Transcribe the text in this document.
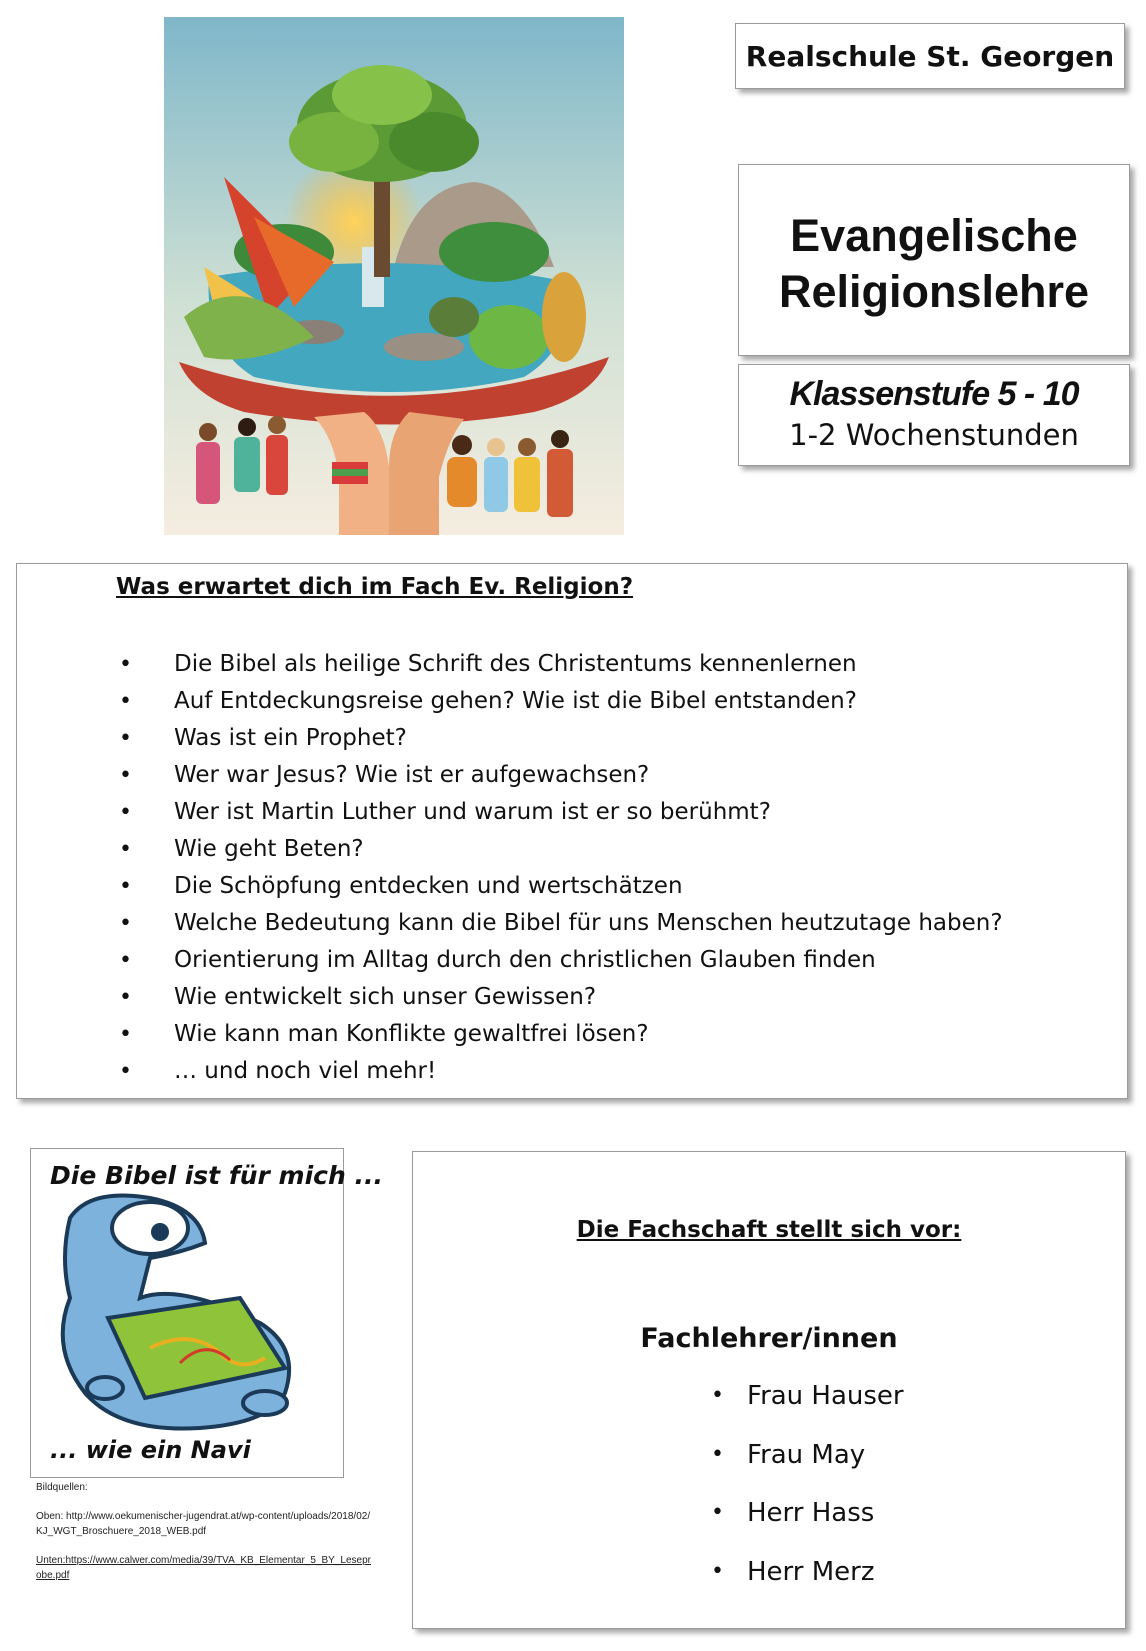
Realschule St. Georgen
Evangelische
Religionslehre
Klassenstufe 5 - 10
1-2 Wochenstunden
Was erwartet dich im Fach Ev. Religion?
• Die Bibel als heilige Schrift des Christentums kennenlernen
• Auf Entdeckungsreise gehen? Wie ist die Bibel entstanden?
• Was ist ein Prophet?
• Wer war Jesus? Wie ist er aufgewachsen?
• Wer ist Martin Luther und warum ist er so berühmt?
• Wie geht Beten?
• Die Schöpfung entdecken und wertschätzen
• Welche Bedeutung kann die Bibel für uns Menschen heutzutage haben?
• Orientierung im Alltag durch den christlichen Glauben finden
• Wie entwickelt sich unser Gewissen?
• Wie kann man Konflikte gewaltfrei lösen?
• … und noch viel mehr!
Die Bibel ist für mich ...
... wie ein Navi

Bildquellen:

Oben: http://www.oekumenischer-jugendrat.at/wp-content/uploads/2018/02/KJ_WGT_Broschuere_2018_WEB.pdf

Unten:https://www.calwer.com/media/39/TVA_KB_Elementar_5_BY_Leseprobe.pdf

Die Fachschaft stellt sich vor:
Fachlehrer/innen
• Frau Hauser
• Frau May
• Herr Hass
• Herr Merz
